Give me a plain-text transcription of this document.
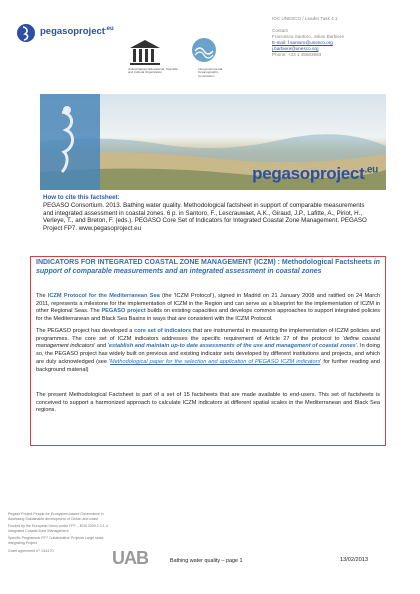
pegasoproject$^{.eu}$
United Nations Educational, Scientific and Cultural Organization
Intergovernmental Oceanographic Commission
IOC UNESCO / Leader Task 4.1
Contact
Francesca Santoro, Julian Barbiere
E-mail: f.santoro@unesco.org
j.barbiere@unesco.org
Phone: +33 1 45683983
pegasoproject$^{.eu}$
How to cite this factsheet:
PEGASO Consortium. 2013. Bathing water quality. Methodological factsheet in support of comparable measurements and integrated assessment in coastal zones. 6 p. in Santoro, F., Lescrauwaet, A.K., Giraud, J.P., Lafitte, A., Piriot, H., Verleye, T., and Breton, F. (eds.). PEGASO Core Set of Indicators for Integrated Coastal Zone Management. PEGASO Project FP7. www.pegasoproject.eu
INDICATORS FOR INTEGRATED COASTAL ZONE MANAGEMENT (ICZM) : Methodological Factsheets in support of comparable measurements and an integrated assessment in coastal zones
The ICZM Protocol for the Mediterranean Sea (the 'ICZM Protocol'), signed in Madrid on 21 January 2008 and ratified on 24 March 2011, represents a milestone for the implementation of ICZM in the Region and can serve as a blueprint for the implementation of ICZM in other Regional Seas. The PEGASO project builds on existing capacities and develops common approaches to support integrated policies for the Mediterranean and Black Sea Basins in ways that are consistent with the ICZM Protocol.
The PEGASO project has developed a core set of indicators that are instrumental in measuring the implementation of ICZM policies and programmes. The core set of ICZM indicators addresses the specific requirement of Article 27 of the protocol to 'define coastal management indicators' and 'establish and maintain up-to date assessments of the use and management of coastal zones'. In doing so, the PEGASO project has widely built on previous and existing indicator sets developed by different institutions and projects, and which are duly acknowledged (see 'Methodological paper for the selection and application of PEGASO ICZM indicators' for further reading and background material)
The present Methodological Factsheet is part of a set of 15 factsheets that are made available to end-users. This set of factsheets is conceived to support a harmonized approach to calculate ICZM indicators at different spatial scales in the Mediterranean and Black Sea regions.

Pegaso Project People for Ecosystem-based Governance in Assessing Sustainable development of Ocean and coast

Funded by the European Union under FP7 – ENV.2009.2.2.1.4 Integrated Coastal Zone Management

Specific Programme FP7 Collaborative Projects Large scale integrating Project

Grant agreement nº: 244170	UAB	Bathing water quality – page 1	13/02/2013
